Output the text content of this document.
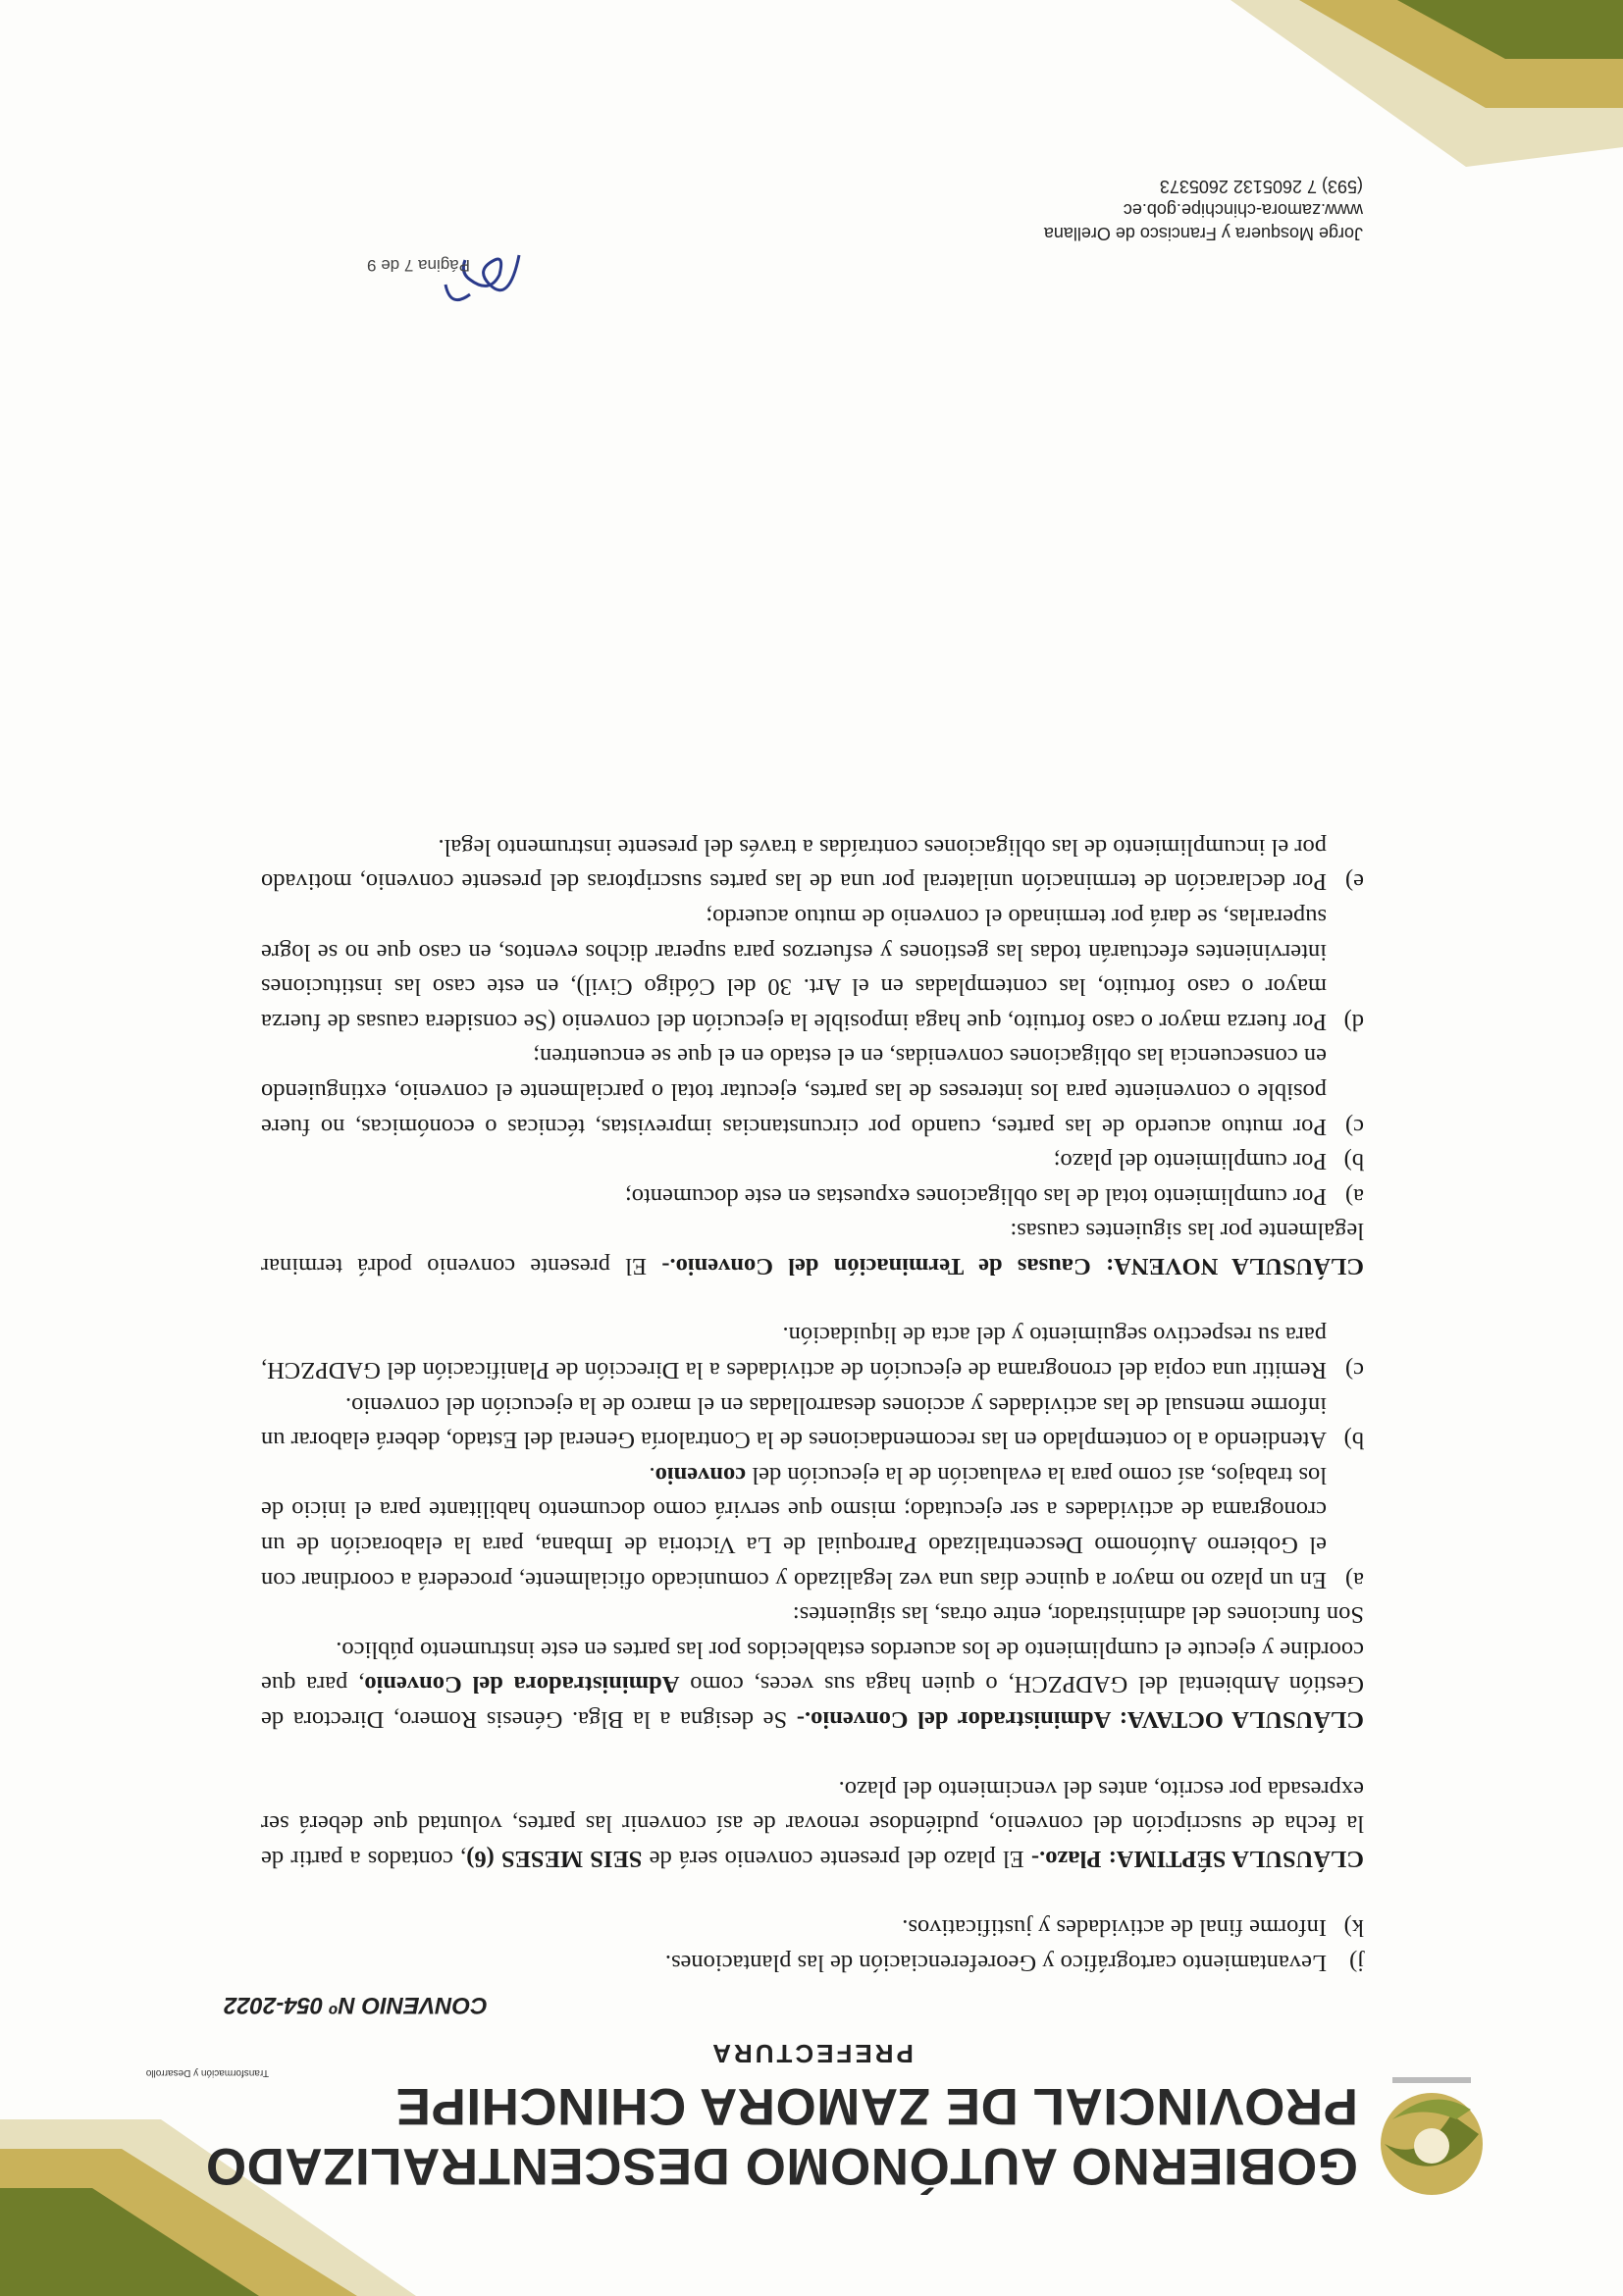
GOBIERNO AUTÓNOMO DESCENTRALIZADO
PROVINCIAL DE ZAMORA CHINCHIPE
Transformación y Desarrollo
PREFECTURA
CONVENIO Nº 054-2022
j)
Levantamiento cartográfico y Georeferenciación de las plantaciones.
k)
Informe final de actividades y justificativos.

CLÁUSULA SÉPTIMA: Plazo.- El plazo del presente convenio será de SEIS MESES (6), contados a partir de la fecha de suscripción del convenio, pudiéndose renovar de así convenir las partes, voluntad que deberá ser expresada por escrito, antes del vencimiento del plazo.

CLÁUSULA OCTAVA: Administrador del Convenio.- Se designa a la Blga. Génesis Romero, Directora de Gestión Ambiental del GADPZCH, o quien haga sus veces, como Administradora del Convenio, para que coordine y ejecute el cumplimiento de los acuerdos establecidos por las partes en este instrumento público.

Son funciones del administrador, entre otras, las siguientes:

a)
En un plazo no mayor a quince días una vez legalizado y comunicado oficialmente, procederá a coordinar con el Gobierno Autónomo Descentralizado Parroquial de La Victoria de Imbana, para la elaboración de un cronograma de actividades a ser ejecutado; mismo que servirá como documento habilitante para el inicio de los trabajos, así como para la evaluación de la ejecución del convenio.
b)
Atendiendo a lo contemplado en las recomendaciones de la Contraloría General del Estado, deberá elaborar un informe mensual de las actividades y acciones desarrolladas en el marco de la ejecución del convenio.
c)
Remitir una copia del cronograma de ejecución de actividades a la Dirección de Planificación del GADPZCH, para su respectivo seguimiento y del acta de liquidación.

CLÁUSULA NOVENA: Causas de Terminación del Convenio.- El presente convenio podrá terminar legalmente por las siguientes causas:

a)
Por cumplimiento total de las obligaciones expuestas en este documento;
b)
Por cumplimiento del plazo;
c)
Por mutuo acuerdo de las partes, cuando por circunstancias imprevistas, técnicas o económicas, no fuere posible o conveniente para los intereses de las partes, ejecutar total o parcialmente el convenio, extinguiendo en consecuencia las obligaciones convenidas, en el estado en el que se encuentren;
d)
Por fuerza mayor o caso fortuito, que haga imposible la ejecución del convenio (Se considera causas de fuerza mayor o caso fortuito, las contempladas en el Art. 30 del Código Civil), en este caso las instituciones intervinientes efectuarán todas las gestiones y esfuerzos para superar dichos eventos, en caso que no se logre superarlas, se dará por terminado el convenio de mutuo acuerdo;
e)
Por declaración de terminación unilateral por una de las partes suscriptoras del presente convenio, motivado por el incumplimiento de las obligaciones contraídas a través del presente instrumento legal.
Página 7 de 9
Jorge Mosquera y Francisco de Orellana
www.zamora-chinchipe.gob.ec
(593) 7 2605132 2605373
